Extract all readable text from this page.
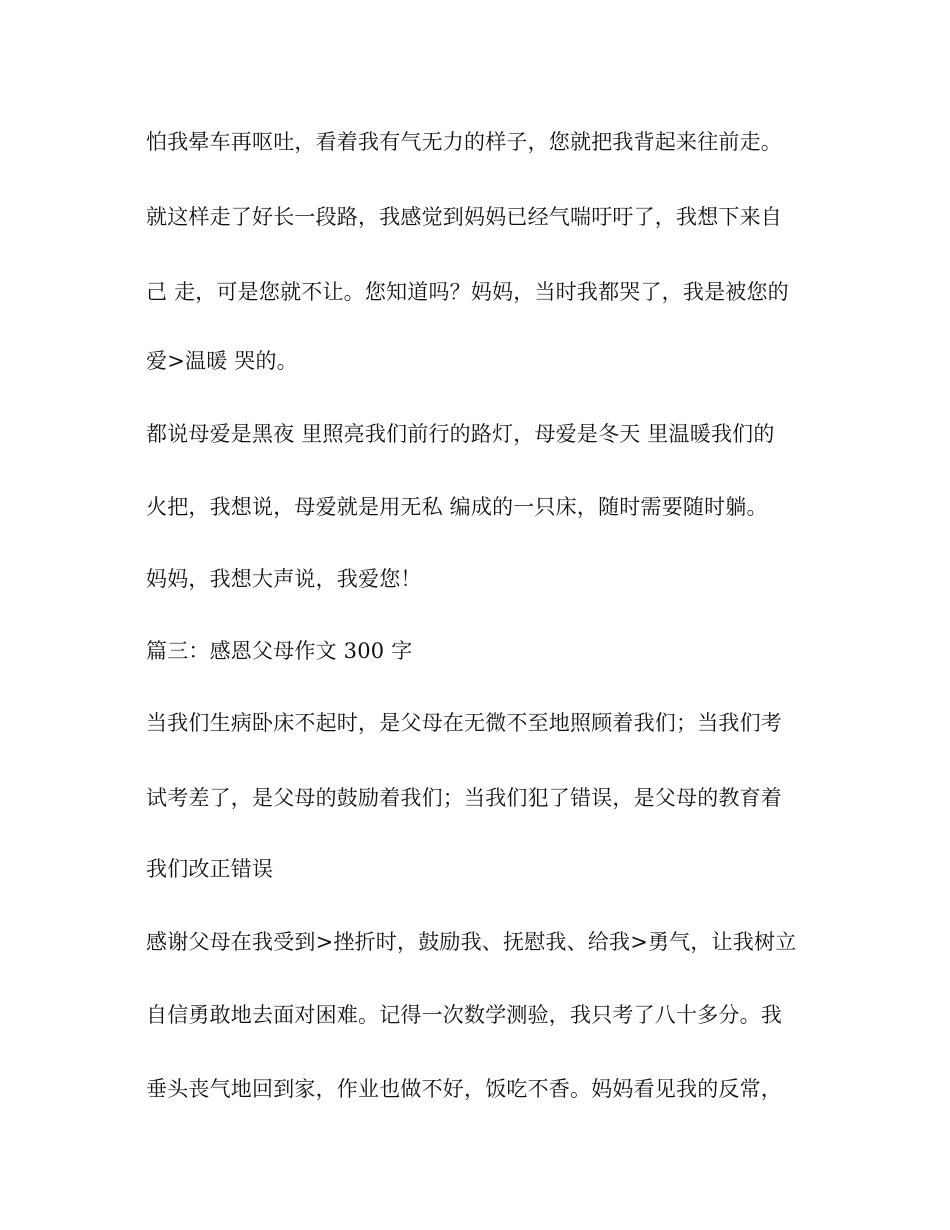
怕我晕车再呕吐，看着我有气无力的样子，您就把我背起来往前走。
就这样走了好长一段路，我感觉到妈妈已经气喘吁吁了，我想下来自
己 走，可是您就不让。您知道吗？妈妈，当时我都哭了，我是被您的
爱>温暖 哭的。
都说母爱是黑夜 里照亮我们前行的路灯，母爱是冬天 里温暖我们的
火把，我想说，母爱就是用无私 编成的一只床，随时需要随时躺。
妈妈，我想大声说，我爱您！
篇三：感恩父母作文 300 字
当我们生病卧床不起时，是父母在无微不至地照顾着我们；当我们考
试考差了，是父母的鼓励着我们；当我们犯了错误，是父母的教育着
我们改正错误
感谢父母在我受到>挫折时，鼓励我、抚慰我、给我>勇气，让我树立
自信勇敢地去面对困难。记得一次数学测验，我只考了八十多分。我
垂头丧气地回到家，作业也做不好，饭吃不香。妈妈看见我的反常，
